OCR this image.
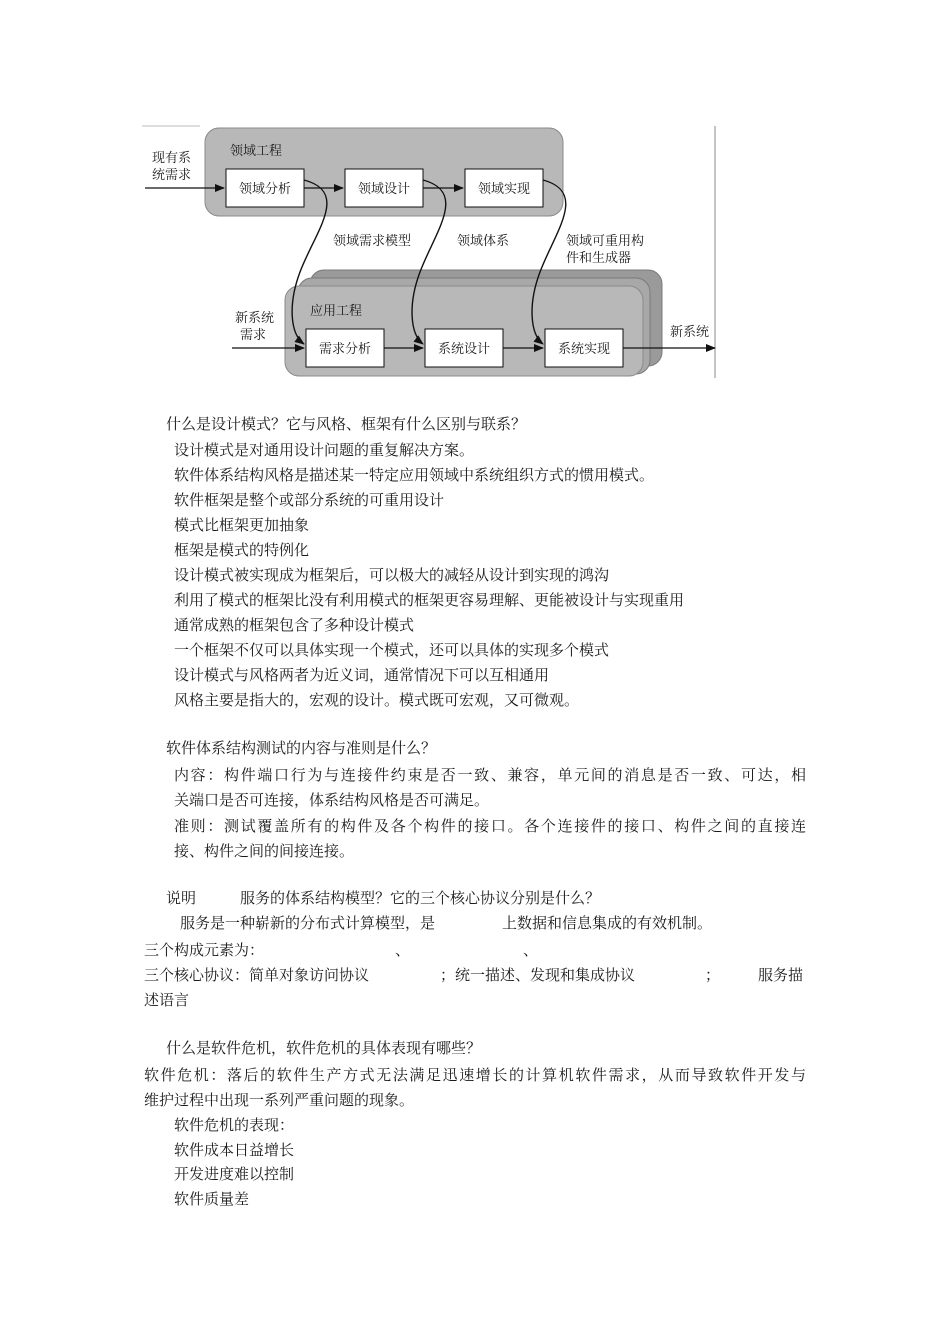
领域工程
应用工程
领域分析	领域设计	领域实现
需求分析	系统设计	系统实现
现有系
统需求
新系统
需求	新系统
领域需求模型	领域体系	领域可重用构
件和生成器
什么是设计模式？它与风格、框架有什么区别与联系？
设计模式是对通用设计问题的重复解决方案。
软件体系结构风格是描述某一特定应用领域中系统组织方式的惯用模式。
软件框架是整个或部分系统的可重用设计
模式比框架更加抽象
框架是模式的特例化
设计模式被实现成为框架后，可以极大的减轻从设计到实现的鸿沟
利用了模式的框架比没有利用模式的框架更容易理解、更能被设计与实现重用
通常成熟的框架包含了多种设计模式
一个框架不仅可以具体实现一个模式，还可以具体的实现多个模式
设计模式与风格两者为近义词，通常情况下可以互相通用
风格主要是指大的，宏观的设计。模式既可宏观，又可微观。
软件体系结构测试的内容与准则是什么？
内容：构件端口行为与连接件约束是否一致、兼容，单元间的消息是否一致、可达，相
关端口是否可连接，体系结构风格是否可满足。
准则：测试覆盖所有的构件及各个构件的接口。各个连接件的接口、构件之间的直接连
接、构件之间的间接连接。
说明	服务的体系结构模型？它的三个核心协议分别是什么？
服务是一种崭新的分布式计算模型，是	上数据和信息集成的有效机制。
三个构成元素为：	、	、
三个核心协议：简单对象访问协议	；统一描述、发现和集成协议	；	服务描
述语言
什么是软件危机，软件危机的具体表现有哪些？
软件危机：落后的软件生产方式无法满足迅速增长的计算机软件需求，从而导致软件开发与
维护过程中出现一系列严重问题的现象。
软件危机的表现：
软件成本日益增长
开发进度难以控制
软件质量差
